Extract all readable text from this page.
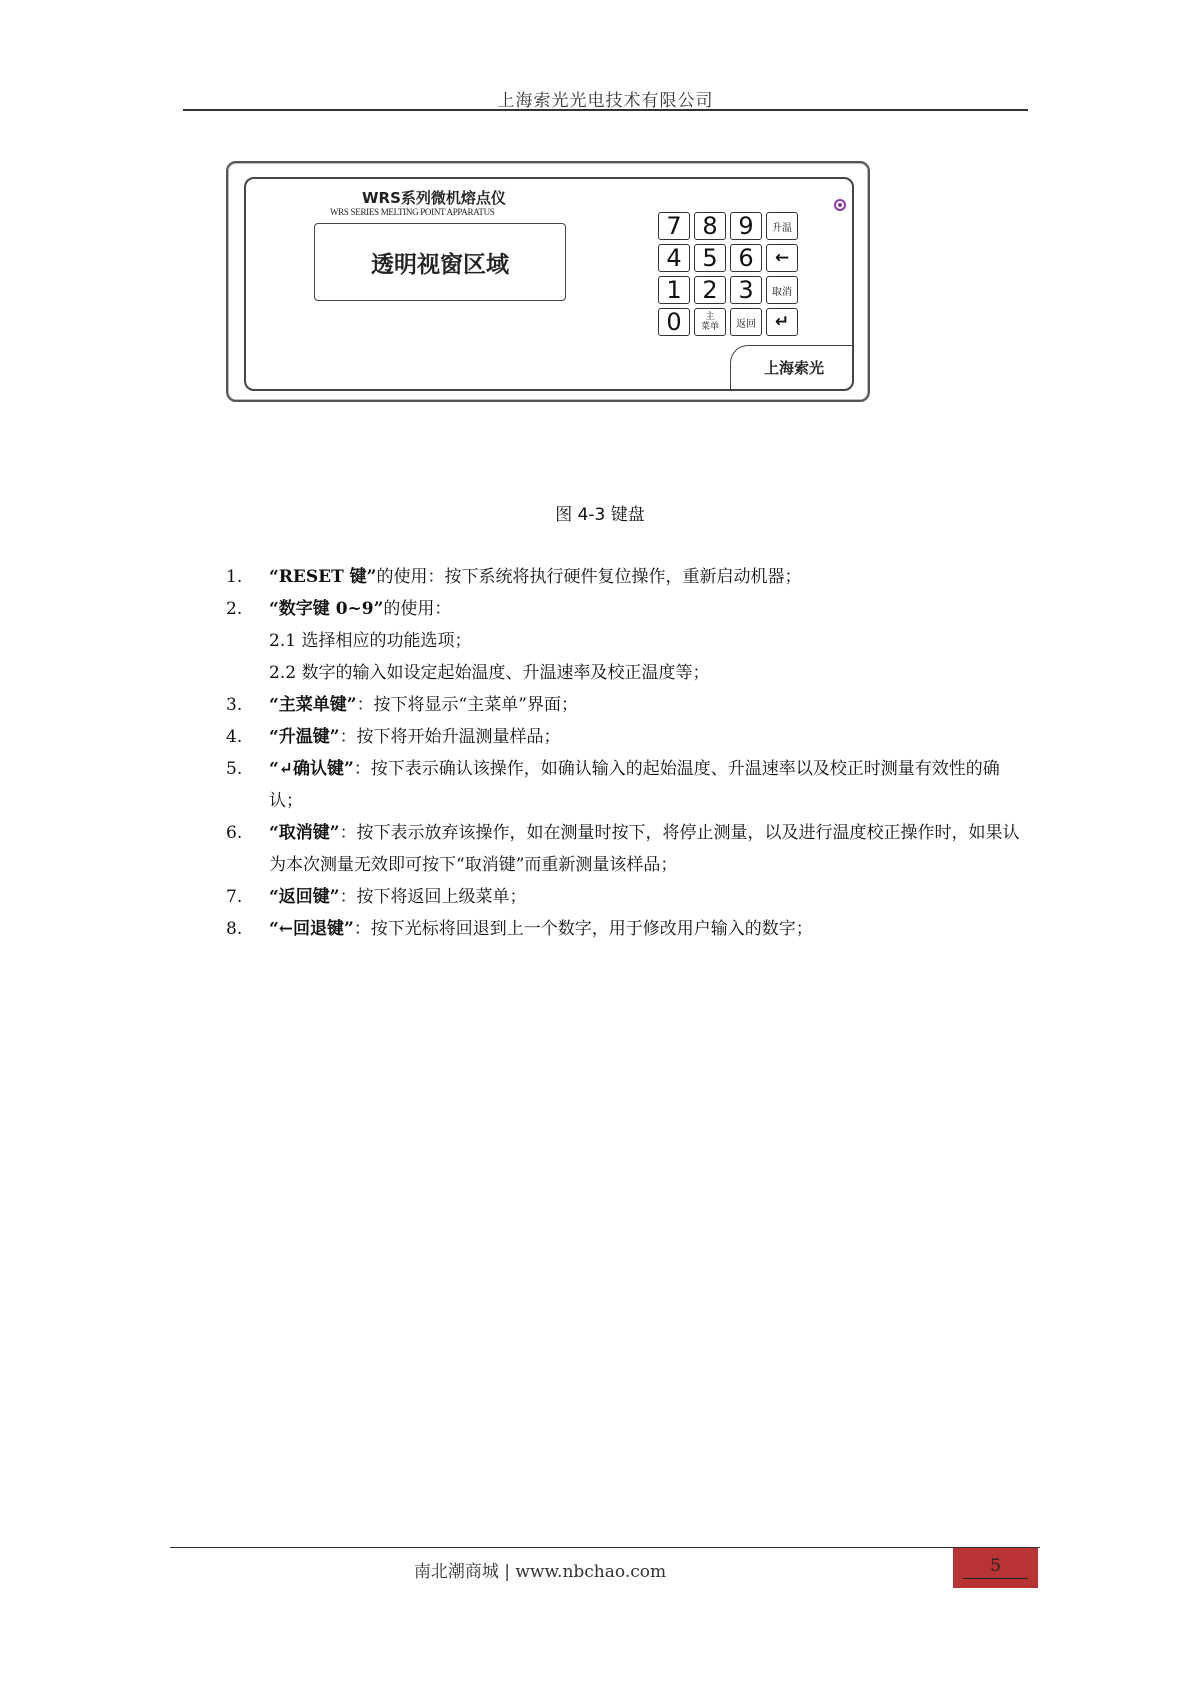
上海索光光电技术有限公司
WRS系列微机熔点仪
WRS SERIES MELTING POINT APPARATUS
透明视窗区域
7 8 9	升温
4 5 6	←
1 2 3	取消
0	主
菜单	返回	↵
上海索光
图 4-3 键盘
1. “RESET 键”的使用：按下系统将执行硬件复位操作，重新启动机器；
2. “数字键 0~9”的使用：
2.1 选择相应的功能选项；
2.2 数字的输入如设定起始温度、升温速率及校正温度等；
3. “主菜单键”：按下将显示“主菜单”界面；
4. “升温键”：按下将开始升温测量样品；
5. “↵确认键”：按下表示确认该操作，如确认输入的起始温度、升温速率以及校正时测量有效性的确认；
6. “取消键”：按下表示放弃该操作，如在测量时按下，将停止测量，以及进行温度校正操作时，如果认为本次测量无效即可按下“取消键”而重新测量该样品；
7. “返回键”：按下将返回上级菜单；
8. “←回退键”：按下光标将回退到上一个数字，用于修改用户输入的数字；
南北潮商城 | www.nbchao.com	5
